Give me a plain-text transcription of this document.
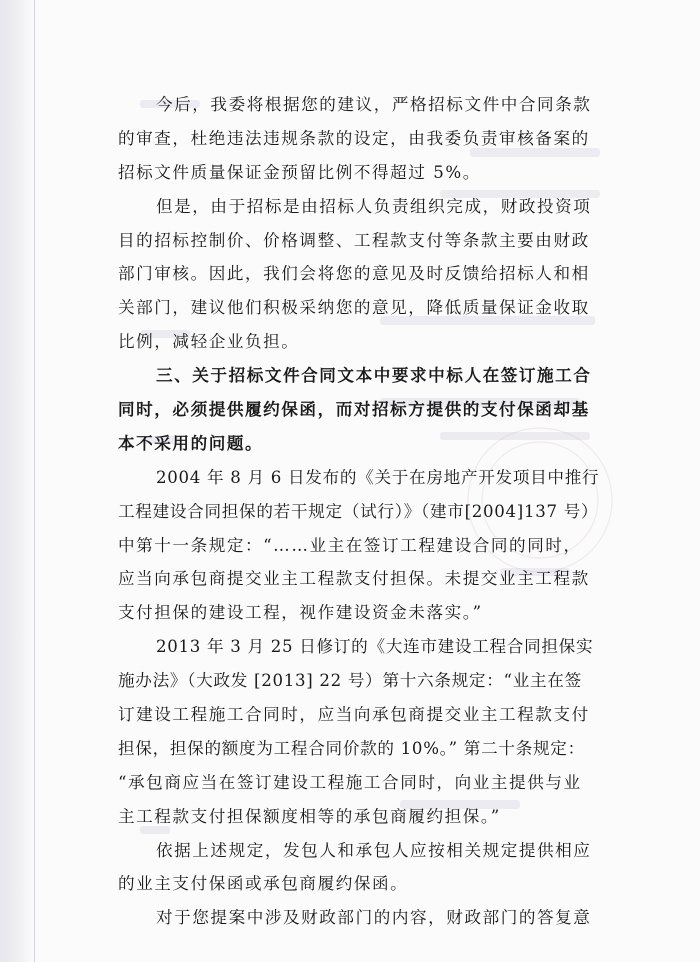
今后，我委将根据您的建议，严格招标文件中合同条款
的审查，杜绝违法违规条款的设定，由我委负责审核备案的
招标文件质量保证金预留比例不得超过 5%。
但是，由于招标是由招标人负责组织完成，财政投资项
目的招标控制价、价格调整、工程款支付等条款主要由财政
部门审核。因此，我们会将您的意见及时反馈给招标人和相
关部门，建议他们积极采纳您的意见，降低质量保证金收取
比例，减轻企业负担。
三、关于招标文件合同文本中要求中标人在签订施工合
同时，必须提供履约保函，而对招标方提供的支付保函却基
本不采用的问题。
2004 年 8 月 6 日发布的《关于在房地产开发项目中推行
工程建设合同担保的若干规定（试行）》（建市[2004]137 号）
中第十一条规定：“……业主在签订工程建设合同的同时，
应当向承包商提交业主工程款支付担保。未提交业主工程款
支付担保的建设工程，视作建设资金未落实。”
2013 年 3 月 25 日修订的《大连市建设工程合同担保实
施办法》（大政发 [2013] 22 号）第十六条规定：“业主在签
订建设工程施工合同时，应当向承包商提交业主工程款支付
担保，担保的额度为工程合同价款的 10%。” 第二十条规定：
“承包商应当在签订建设工程施工合同时，向业主提供与业
主工程款支付担保额度相等的承包商履约担保。”
依据上述规定，发包人和承包人应按相关规定提供相应
的业主支付保函或承包商履约保函。
对于您提案中涉及财政部门的内容，财政部门的答复意
